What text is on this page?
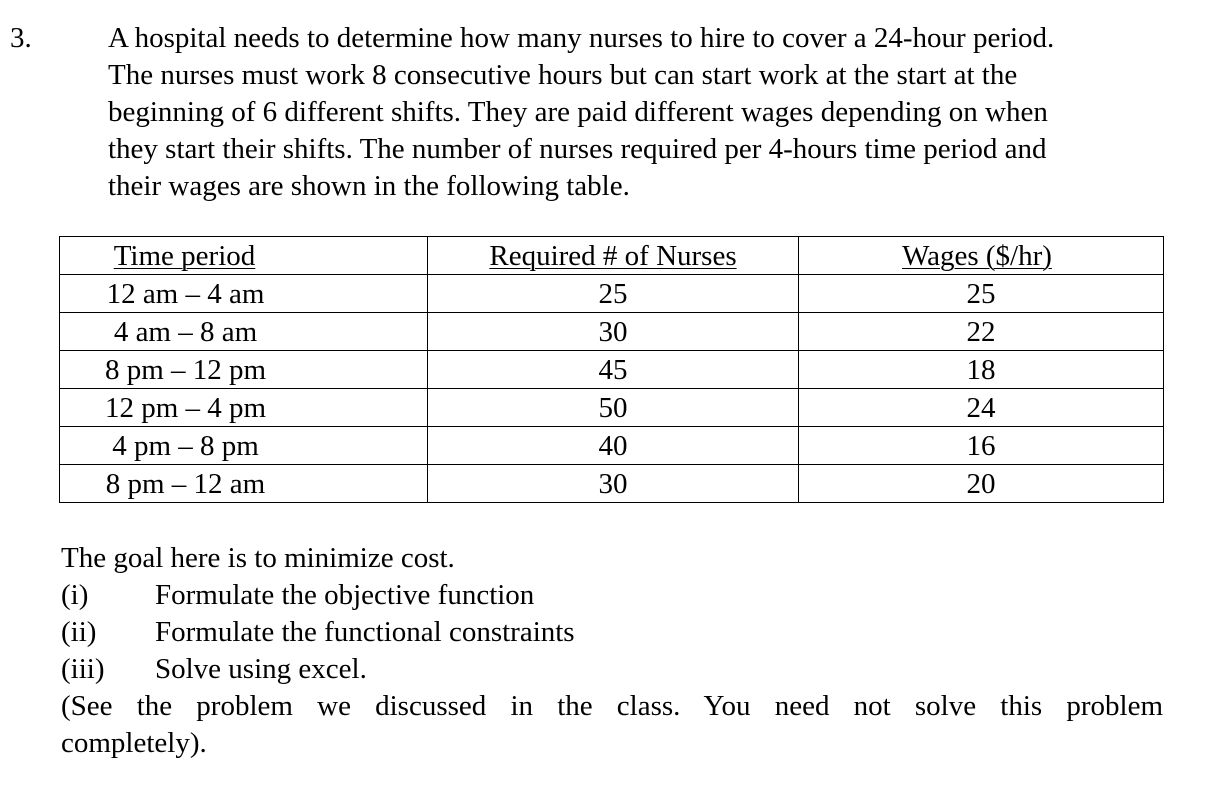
3.	A hospital needs to determine how many nurses to hire to cover a 24-hour period.
The nurses must work 8 consecutive hours but can start work at the start at the
beginning of 6 different shifts. They are paid different wages depending on when
they start their shifts. The number of nurses required per 4-hours time period and
their wages are shown in the following table.
Time period	Required # of Nurses	Wages ($/hr)
12 am – 4 am	25	25
4 am – 8 am	30	22
8 pm – 12 pm	45	18
12 pm – 4 pm	50	24
4 pm – 8 pm	40	16
8 pm – 12 am	30	20
The goal here is to minimize cost.
(i) Formulate the objective function
(ii) Formulate the functional constraints
(iii) Solve using excel.
(See the problem we discussed in the class. You need not solve this problem
completely).
